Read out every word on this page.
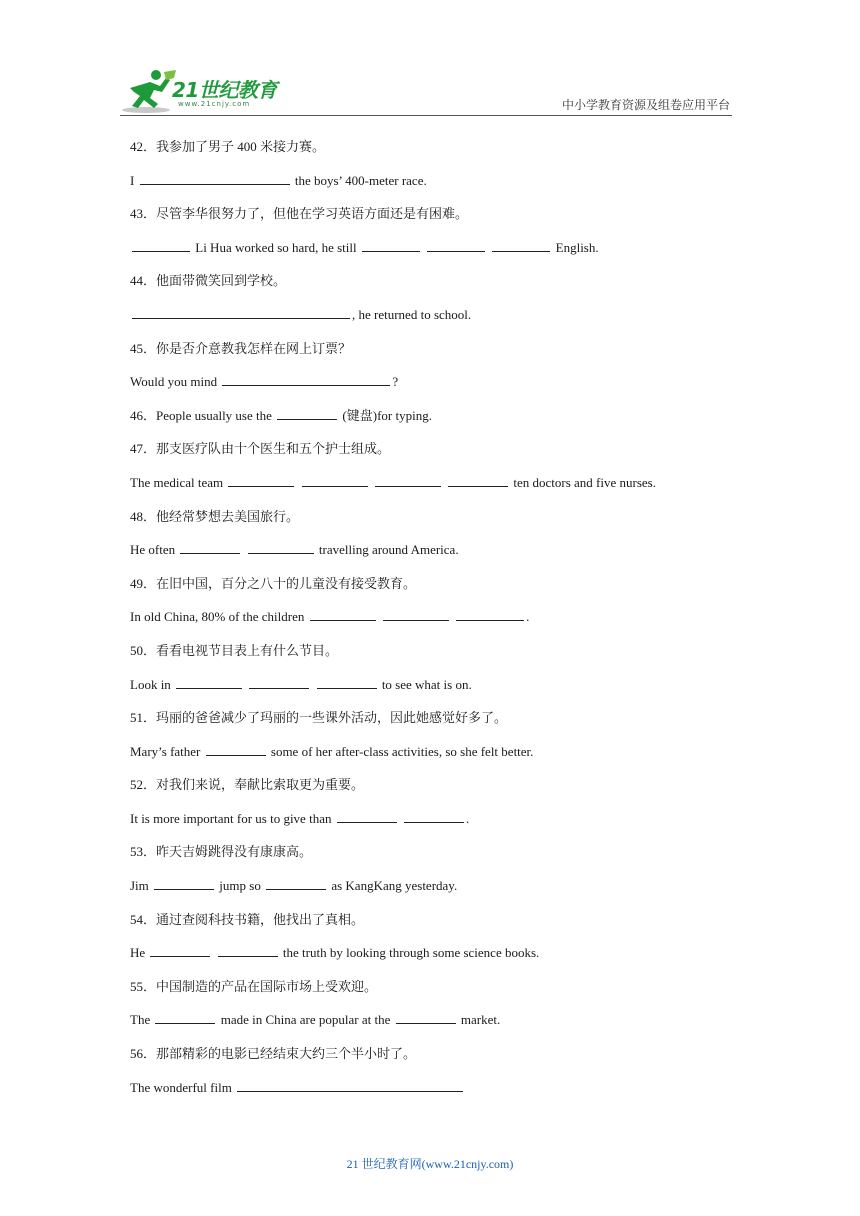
21世纪教育
www.21cnjy.com	中小学教育资源及组卷应用平台
42．我参加了男子 400 米接力赛。
I	the boys’ 400-meter race.
43．尽管李华很努力了，但他在学习英语方面还是有困难。
Li Hua worked so hard, he still	English.
44．他面带微笑回到学校。
, he returned to school.
45．你是否介意教我怎样在网上订票？
Would you mind	?
46．People usually use the	(键盘)for typing.
47．那支医疗队由十个医生和五个护士组成。
The medical team	ten doctors and five nurses.
48．他经常梦想去美国旅行。
He often	travelling around America.
49．在旧中国，百分之八十的儿童没有接受教育。
In old China, 80% of the children	.
50．看看电视节目表上有什么节目。
Look in	to see what is on.
51．玛丽的爸爸减少了玛丽的一些课外活动，因此她感觉好多了。
Mary’s father	some of her after-class activities, so she felt better.
52．对我们来说，奉献比索取更为重要。
It is more important for us to give than	.
53．昨天吉姆跳得没有康康高。
Jim	jump so	as KangKang yesterday.
54．通过查阅科技书籍，他找出了真相。
He	the truth by looking through some science books.
55．中国制造的产品在国际市场上受欢迎。
The	made in China are popular at the	market.
56．那部精彩的电影已经结束大约三个半小时了。
The wonderful film
21 世纪教育网(www.21cnjy.com)
